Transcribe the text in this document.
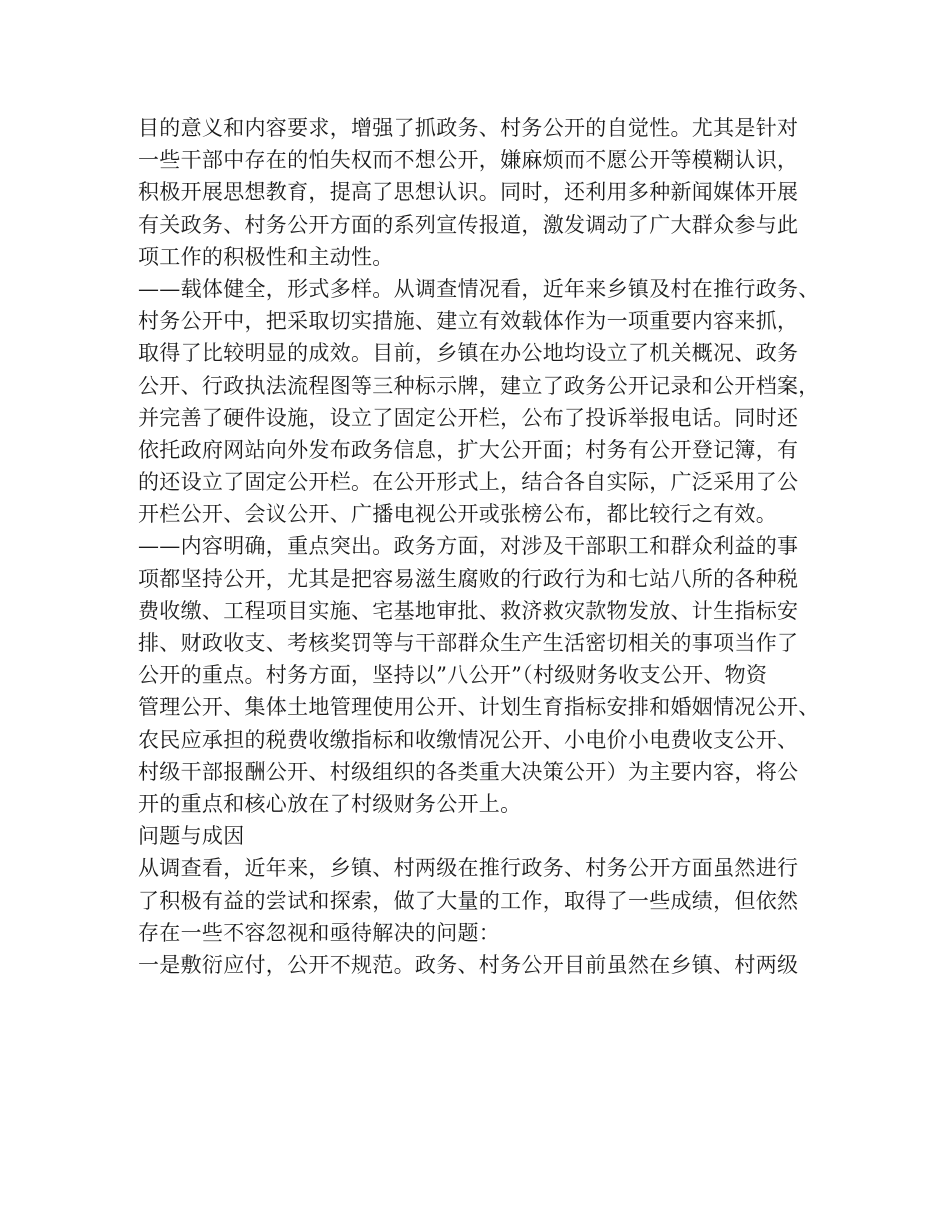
目的意义和内容要求，增强了抓政务、村务公开的自觉性。尤其是针对
一些干部中存在的怕失权而不想公开，嫌麻烦而不愿公开等模糊认识，
积极开展思想教育，提高了思想认识。同时，还利用多种新闻媒体开展
有关政务、村务公开方面的系列宣传报道，激发调动了广大群众参与此
项工作的积极性和主动性。
——载体健全，形式多样。从调查情况看，近年来乡镇及村在推行政务、
村务公开中，把采取切实措施、建立有效载体作为一项重要内容来抓，
取得了比较明显的成效。目前，乡镇在办公地均设立了机关概况、政务
公开、行政执法流程图等三种标示牌，建立了政务公开记录和公开档案，
并完善了硬件设施，设立了固定公开栏，公布了投诉举报电话。同时还
依托政府网站向外发布政务信息，扩大公开面；村务有公开登记簿，有
的还设立了固定公开栏。在公开形式上，结合各自实际，广泛采用了公
开栏公开、会议公开、广播电视公开或张榜公布，都比较行之有效。
——内容明确，重点突出。政务方面，对涉及干部职工和群众利益的事
项都坚持公开，尤其是把容易滋生腐败的行政行为和七站八所的各种税
费收缴、工程项目实施、宅基地审批、救济救灾款物发放、计生指标安
排、财政收支、考核奖罚等与干部群众生产生活密切相关的事项当作了
公开的重点。村务方面，坚持以”八公开”（村级财务收支公开、物资
管理公开、集体土地管理使用公开、计划生育指标安排和婚姻情况公开、
农民应承担的税费收缴指标和收缴情况公开、小电价小电费收支公开、
村级干部报酬公开、村级组织的各类重大决策公开）为主要内容，将公
开的重点和核心放在了村级财务公开上。
问题与成因
从调查看，近年来，乡镇、村两级在推行政务、村务公开方面虽然进行
了积极有益的尝试和探索，做了大量的工作，取得了一些成绩，但依然
存在一些不容忽视和亟待解决的问题：
一是敷衍应付，公开不规范。政务、村务公开目前虽然在乡镇、村两级
